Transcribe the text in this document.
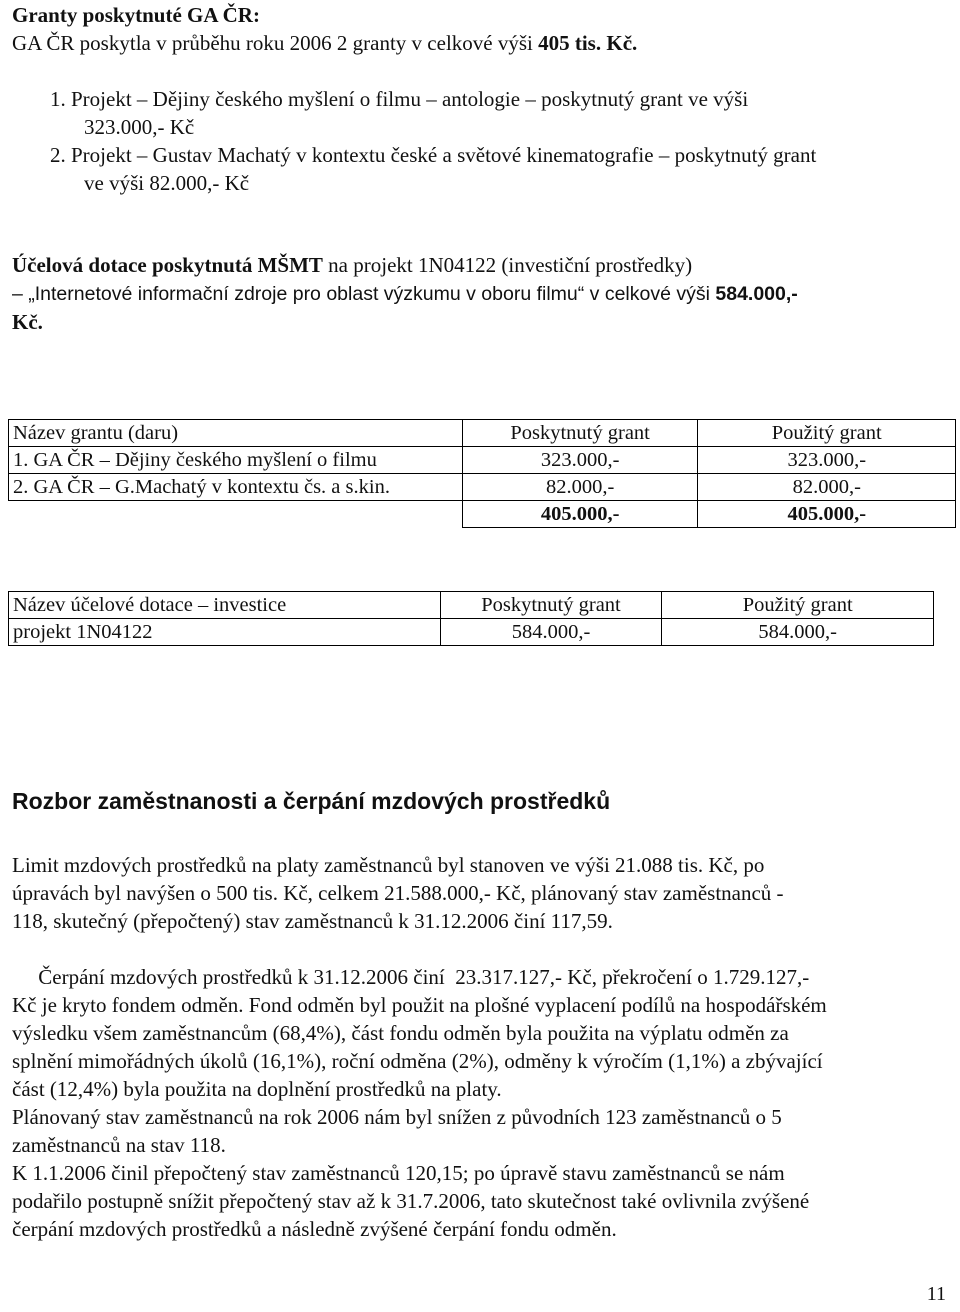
Granty poskytnuté GA ČR:
GA ČR poskytla v průběhu roku 2006 2 granty v celkové výši 405 tis. Kč.
1. Projekt – Dějiny českého myšlení o filmu – antologie – poskytnutý grant ve výši
323.000,- Kč
2. Projekt – Gustav Machatý v kontextu české a světové kinematografie – poskytnutý grant
ve výši 82.000,- Kč
Účelová dotace poskytnutá MŠMT na projekt 1N04122 (investiční prostředky)
– „Internetové informační zdroje pro oblast výzkumu v oboru filmu“ v celkové výši 584.000,-
Kč.
Název grantu (daru)	Poskytnutý grant	Použitý grant
1. GA ČR – Dějiny českého myšlení o filmu	323.000,-	323.000,-
2. GA ČR – G.Machatý v kontextu čs. a s.kin.	82.000,-	82.000,-
	405.000,-	405.000,-
Název účelové dotace – investice	Poskytnutý grant	Použitý grant
projekt 1N04122	584.000,-	584.000,-
Rozbor zaměstnanosti a čerpání mzdových prostředků
Limit mzdových prostředků na platy zaměstnanců byl stanoven ve výši 21.088 tis. Kč, po
úpravách byl navýšen o 500 tis. Kč, celkem 21.588.000,- Kč, plánovaný stav zaměstnanců -
118, skutečný (přepočtený) stav zaměstnanců k 31.12.2006 činí 117,59.
Čerpání mzdových prostředků k 31.12.2006 činí  23.317.127,- Kč, překročení o 1.729.127,-
Kč je kryto fondem odměn. Fond odměn byl použit na plošné vyplacení podílů na hospodářském
výsledku všem zaměstnancům (68,4%), část fondu odměn byla použita na výplatu odměn za
splnění mimořádných úkolů (16,1%), roční odměna (2%), odměny k výročím (1,1%) a zbývající
část (12,4%) byla použita na doplnění prostředků na platy.
Plánovaný stav zaměstnanců na rok 2006 nám byl snížen z původních 123 zaměstnanců o 5
zaměstnanců na stav 118.
K 1.1.2006 činil přepočtený stav zaměstnanců 120,15; po úpravě stavu zaměstnanců se nám
podařilo postupně snížit přepočtený stav až k 31.7.2006, tato skutečnost také ovlivnila zvýšené
čerpání mzdových prostředků a následně zvýšené čerpání fondu odměn.
11
